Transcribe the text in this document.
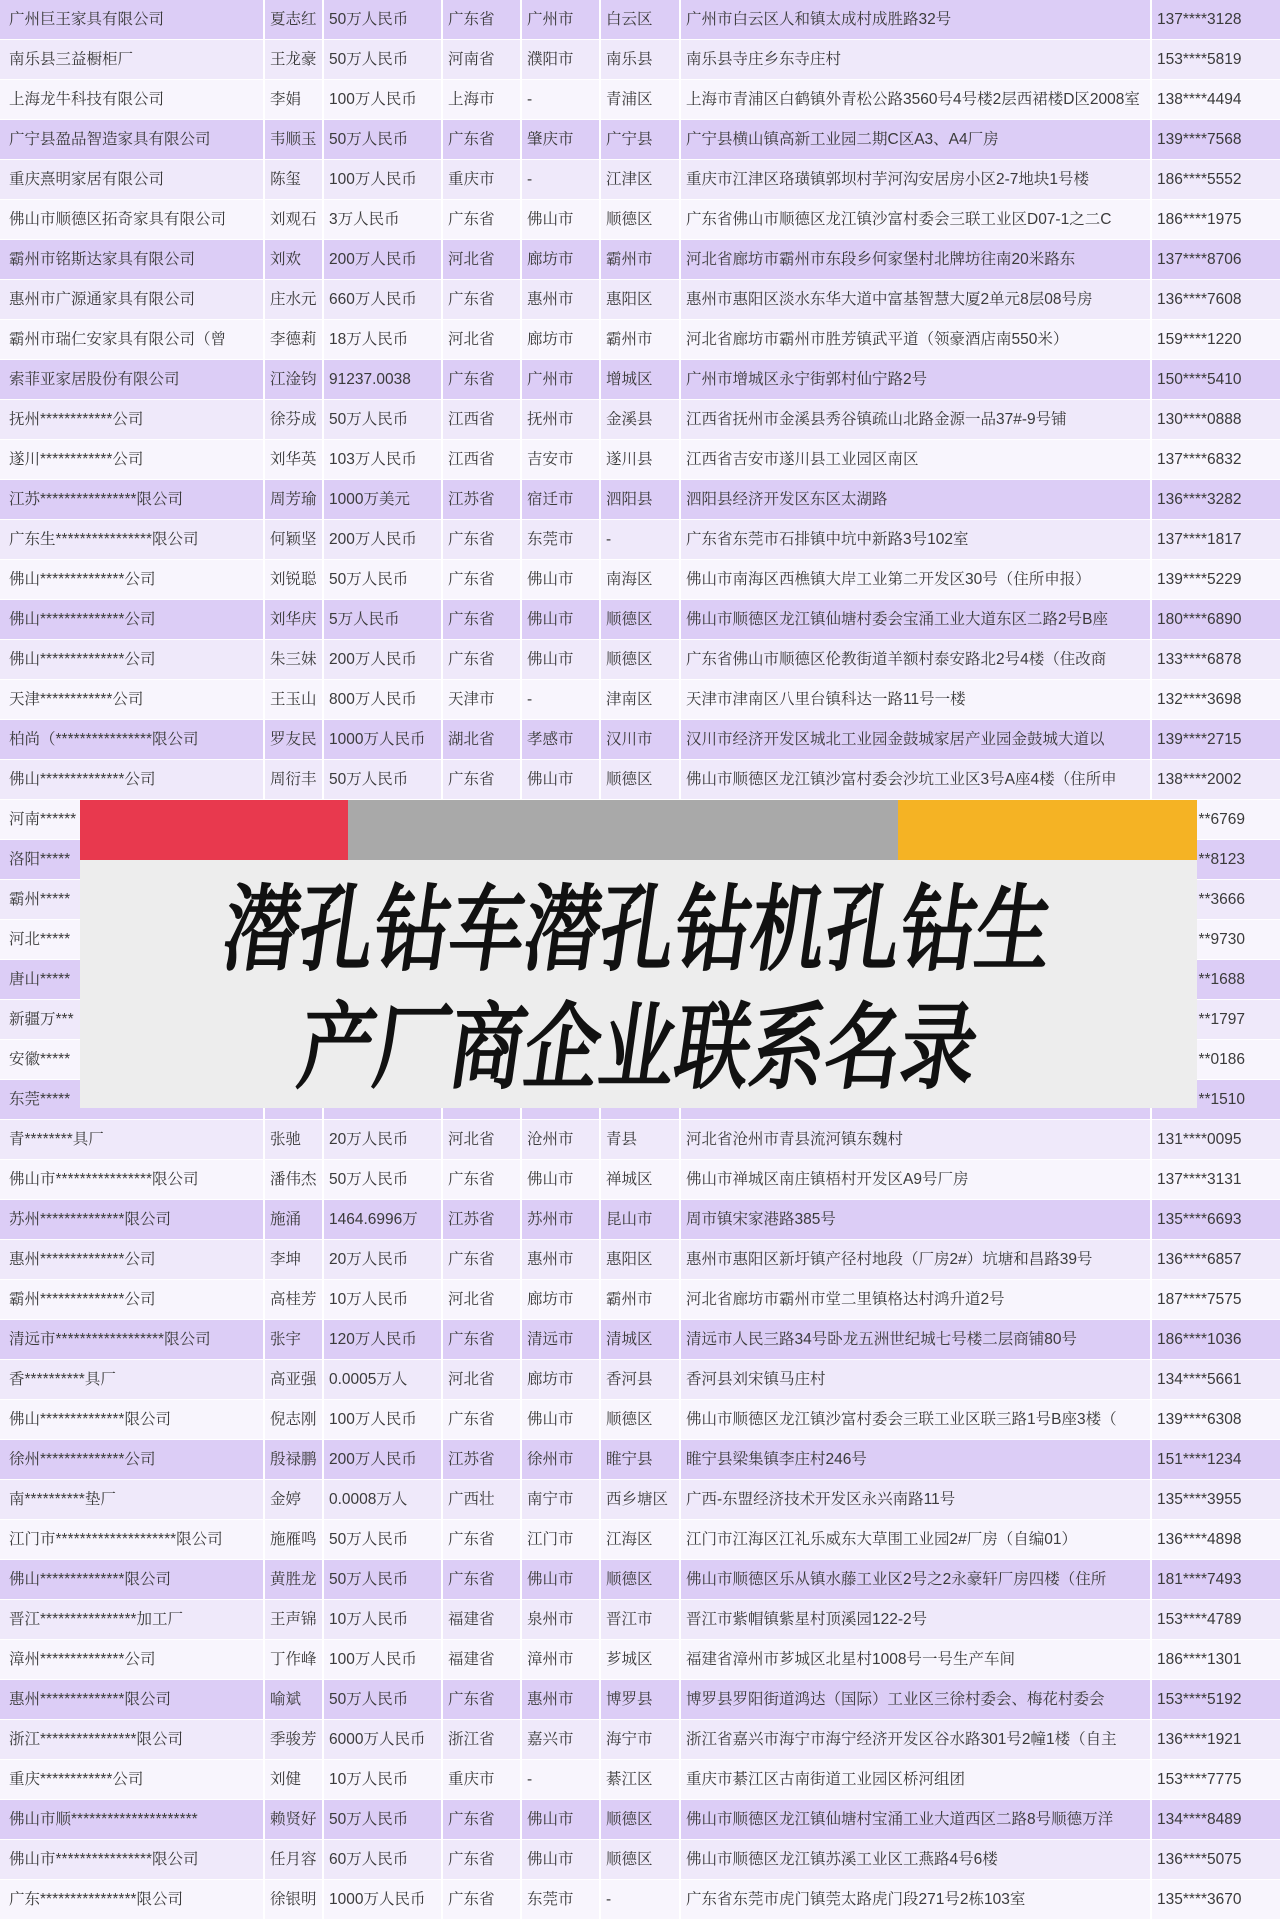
广州巨王家具有限公司	夏志红 50万人民币	广东省	广州市	白云区	广州市白云区人和镇太成村成胜路32号	137****3128
南乐县三益橱柜厂	王龙豪 50万人民币	河南省	濮阳市	南乐县	南乐县寺庄乡东寺庄村	153****5819
上海龙牛科技有限公司	李娟	100万人民币	上海市	-	青浦区	上海市青浦区白鹤镇外青松公路3560号4号楼2层西裙楼D区2008室	138****4494
广宁县盈品智造家具有限公司	韦顺玉 50万人民币	广东省	肇庆市	广宁县	广宁县横山镇高新工业园二期C区A3、A4厂房	139****7568
重庆熹明家居有限公司	陈玺	100万人民币	重庆市	-	江津区	重庆市江津区珞璜镇郭坝村芋河沟安居房小区2-7地块1号楼	186****5552
佛山市顺德区拓奇家具有限公司	刘观石 3万人民币	广东省	佛山市	顺德区	广东省佛山市顺德区龙江镇沙富村委会三联工业区D07-1之二C	186****1975
霸州市铭斯达家具有限公司	刘欢	200万人民币	河北省	廊坊市	霸州市	河北省廊坊市霸州市东段乡何家堡村北牌坊往南20米路东	137****8706
惠州市广源通家具有限公司	庄水元 660万人民币	广东省	惠州市	惠阳区	惠州市惠阳区淡水东华大道中富基智慧大厦2单元8层08号房	136****7608
霸州市瑞仁安家具有限公司（曾	李德莉 18万人民币	河北省	廊坊市	霸州市	河北省廊坊市霸州市胜芳镇武平道（领豪酒店南550米）	159****1220
索菲亚家居股份有限公司	江淦钧 91237.0038	广东省	广州市	增城区	广州市增城区永宁街郭村仙宁路2号	150****5410
抚州************公司	徐芬成 50万人民币	江西省	抚州市	金溪县	江西省抚州市金溪县秀谷镇疏山北路金源一品37#-9号铺	130****0888
遂川************公司	刘华英 103万人民币	江西省	吉安市	遂川县	江西省吉安市遂川县工业园区南区	137****6832
江苏****************限公司	周芳瑜 1000万美元	江苏省	宿迁市	泗阳县	泗阳县经济开发区东区太湖路	136****3282
广东生****************限公司	何颖坚 200万人民币	广东省	东莞市	-	广东省东莞市石排镇中坑中新路3号102室	137****1817
佛山**************公司	刘锐聪 50万人民币	广东省	佛山市	南海区	佛山市南海区西樵镇大岸工业第二开发区30号（住所申报）	139****5229
佛山**************公司	刘华庆 5万人民币	广东省	佛山市	顺德区	佛山市顺德区龙江镇仙塘村委会宝涌工业大道东区二路2号B座	180****6890
佛山**************公司	朱三妹 200万人民币	广东省	佛山市	顺德区	广东省佛山市顺德区伦教街道羊额村泰安路北2号4楼（住改商	133****6878
天津************公司	王玉山 800万人民币	天津市	-	津南区	天津市津南区八里台镇科达一路11号一楼	132****3698
柏尚（****************限公司	罗友民 1000万人民币	湖北省	孝感市	汉川市	汉川市经济开发区城北工业园金鼓城家居产业园金鼓城大道以	139****2715
佛山**************公司	周衍丰 50万人民币	广东省	佛山市	顺德区	佛山市顺德区龙江镇沙富村委会沙坑工业区3号A座4楼（住所申	138****2002
河南******	**6769
洛阳*****	**8123
霸州*****	**3666
河北*****	**9730
唐山*****	**1688
新疆万***	**1797
安徽*****	**0186
东莞*****	**1510
青********具厂	张驰	20万人民币	河北省	沧州市	青县	河北省沧州市青县流河镇东魏村	131****0095
佛山市****************限公司	潘伟杰 50万人民币	广东省	佛山市	禅城区	佛山市禅城区南庄镇梧村开发区A9号厂房	137****3131
苏州**************限公司	施涌	1464.6996万	江苏省	苏州市	昆山市	周市镇宋家港路385号	135****6693
惠州**************公司	李坤	20万人民币	广东省	惠州市	惠阳区	惠州市惠阳区新圩镇产径村地段（厂房2#）坑塘和昌路39号	136****6857
霸州**************公司	高桂芳 10万人民币	河北省	廊坊市	霸州市	河北省廊坊市霸州市堂二里镇格达村鸿升道2号	187****7575
清远市******************限公司	张宇	120万人民币	广东省	清远市	清城区	清远市人民三路34号卧龙五洲世纪城七号楼二层商铺80号	186****1036
香**********具厂	高亚强 0.0005万人	河北省	廊坊市	香河县	香河县刘宋镇马庄村	134****5661
佛山**************限公司	倪志刚 100万人民币	广东省	佛山市	顺德区	佛山市顺德区龙江镇沙富村委会三联工业区联三路1号B座3楼（	139****6308
徐州**************公司	殷禄鹏 200万人民币	江苏省	徐州市	睢宁县	睢宁县梁集镇李庄村246号	151****1234
南**********垫厂	金婷	0.0008万人	广西壮	南宁市	西乡塘区	广西-东盟经济技术开发区永兴南路11号	135****3955
江门市********************限公司	施雁鸣 50万人民币	广东省	江门市	江海区	江门市江海区江礼乐威东大草围工业园2#厂房（自编01）	136****4898
佛山**************限公司	黄胜龙 50万人民币	广东省	佛山市	顺德区	佛山市顺德区乐从镇水藤工业区2号之2永豪轩厂房四楼（住所	181****7493
晋江****************加工厂	王声锦 10万人民币	福建省	泉州市	晋江市	晋江市紫帽镇紫星村顶溪园122-2号	153****4789
漳州**************公司	丁作峰 100万人民币	福建省	漳州市	芗城区	福建省漳州市芗城区北星村1008号一号生产车间	186****1301
惠州**************限公司	喻斌	50万人民币	广东省	惠州市	博罗县	博罗县罗阳街道鸿达（国际）工业区三徐村委会、梅花村委会	153****5192
浙江****************限公司	季骏芳 6000万人民币	浙江省	嘉兴市	海宁市	浙江省嘉兴市海宁市海宁经济开发区谷水路301号2幢1楼（自主	136****1921
重庆************公司	刘健	10万人民币	重庆市	-	綦江区	重庆市綦江区古南街道工业园区桥河组团	153****7775
佛山市顺*********************	赖贤好 50万人民币	广东省	佛山市	顺德区	佛山市顺德区龙江镇仙塘村宝涌工业大道西区二路8号顺德万洋	134****8489
佛山市****************限公司	任月容 60万人民币	广东省	佛山市	顺德区	佛山市顺德区龙江镇苏溪工业区工燕路4号6楼	136****5075
广东****************限公司	徐银明 1000万人民币	广东省	东莞市	-	广东省东莞市虎门镇莞太路虎门段271号2栋103室	135****3670
潜孔钻车潜孔钻机孔钻生
产厂商企业联系名录
